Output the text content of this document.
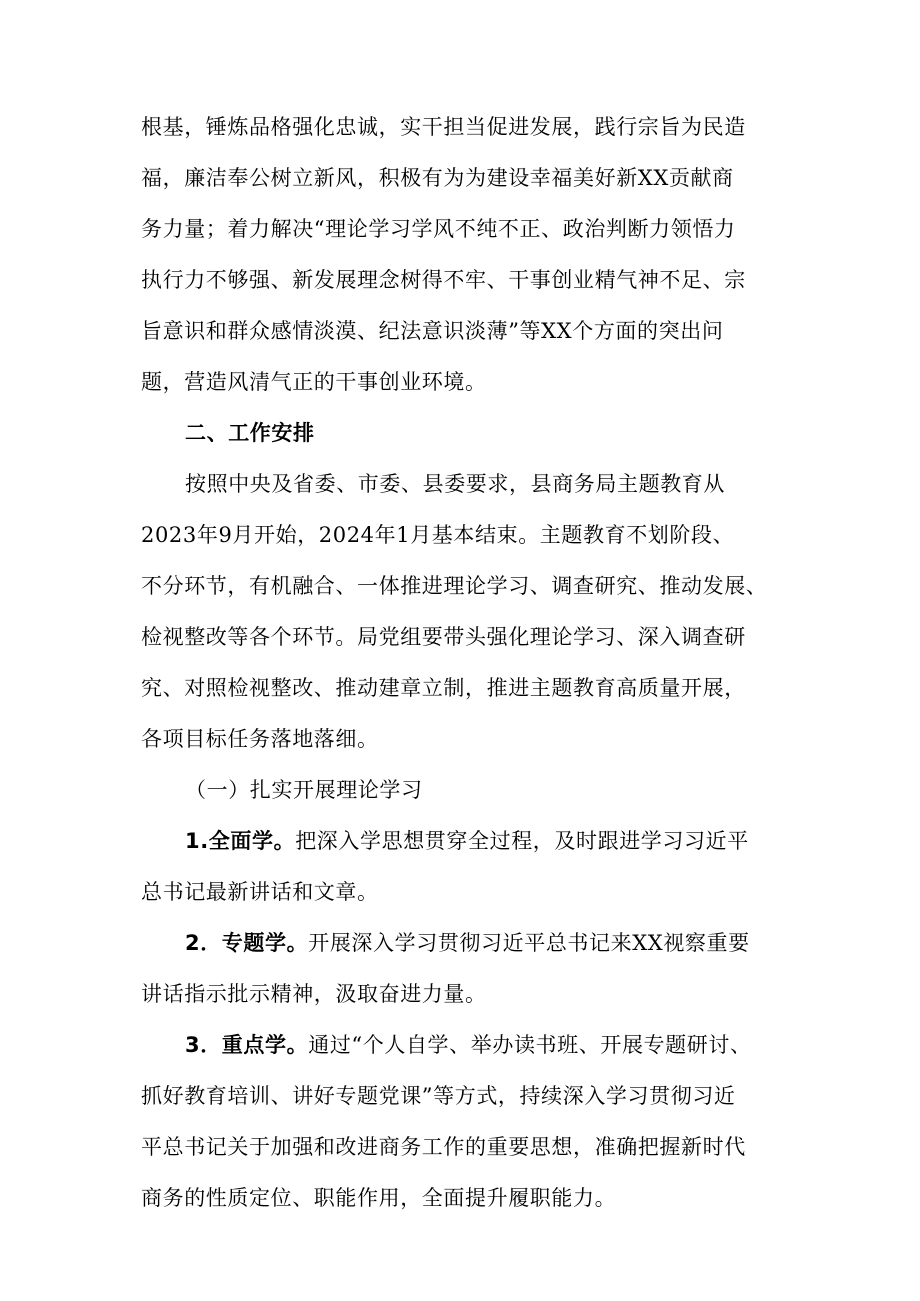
根基，锤炼品格强化忠诚，实干担当促进发展，践行宗旨为民造
福，廉洁奉公树立新风，积极有为为建设幸福美好新XX贡献商
务力量；着力解决“理论学习学风不纯不正、政治判断力领悟力
执行力不够强、新发展理念树得不牢、干事创业精气神不足、宗
旨意识和群众感情淡漠、纪法意识淡薄”等XX个方面的突出问
题，营造风清气正的干事创业环境。
二、工作安排
按照中央及省委、市委、县委要求，县商务局主题教育从
2023年9月开始，2024年1月基本结束。主题教育不划阶段、
不分环节，有机融合、一体推进理论学习、调查研究、推动发展、
检视整改等各个环节。局党组要带头强化理论学习、深入调查研
究、对照检视整改、推动建章立制，推进主题教育高质量开展，
各项目标任务落地落细。
（一）扎实开展理论学习
1.全面学。把深入学思想贯穿全过程，及时跟进学习习近平
总书记最新讲话和文章。
2．专题学。开展深入学习贯彻习近平总书记来XX视察重要
讲话指示批示精神，汲取奋进力量。
3．重点学。通过“个人自学、举办读书班、开展专题研讨、
抓好教育培训、讲好专题党课”等方式，持续深入学习贯彻习近
平总书记关于加强和改进商务工作的重要思想，准确把握新时代
商务的性质定位、职能作用，全面提升履职能力。
